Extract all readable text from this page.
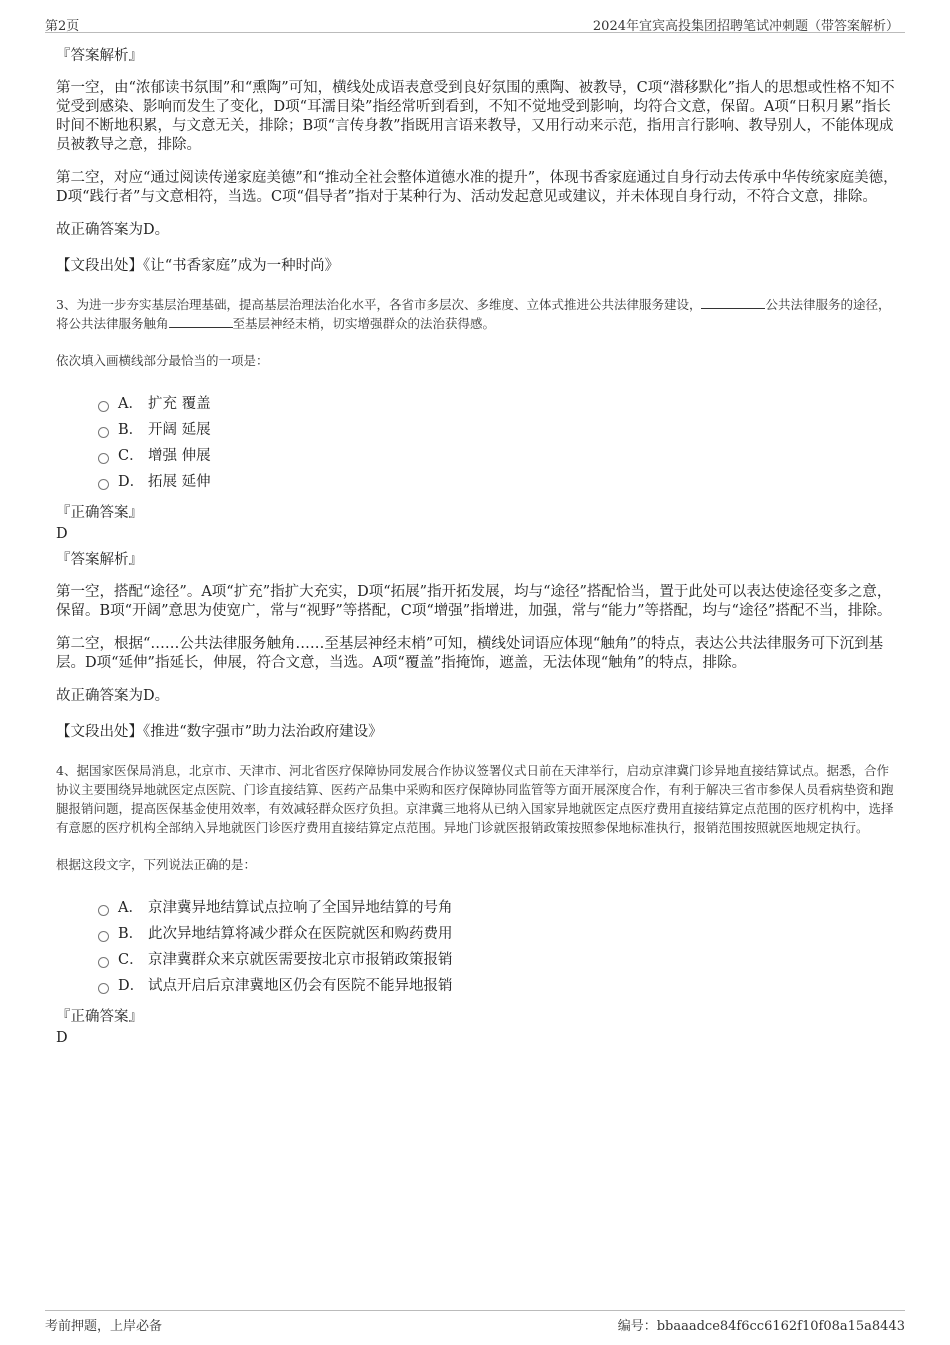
第2页	2024年宜宾高投集团招聘笔试冲刺题（带答案解析）
『答案解析』

第一空，由“浓郁读书氛围”和“熏陶”可知，横线处成语表意受到良好氛围的熏陶、被教导，C项“潜移默化”指人的思想或性格不知不觉受到感染、影响而发生了变化，D项“耳濡目染”指经常听到看到，不知不觉地受到影响，均符合文意，保留。A项“日积月累”指长时间不断地积累，与文意无关，排除；B项“言传身教”指既用言语来教导，又用行动来示范，指用言行影响、教导别人，不能体现成员被教导之意，排除。

第二空，对应“通过阅读传递家庭美德”和“推动全社会整体道德水准的提升”，体现书香家庭通过自身行动去传承中华传统家庭美德，D项“践行者”与文意相符，当选。C项“倡导者”指对于某种行为、活动发起意见或建议，并未体现自身行动，不符合文意，排除。

故正确答案为D。

【文段出处】《让“书香家庭”成为一种时尚》

3、为进一步夯实基层治理基础，提高基层治理法治化水平，各省市多层次、多维度、立体式推进公共法律服务建设，	公共法律服务的途径，将公共法律服务触角	至基层神经末梢，切实增强群众的法治获得感。

依次填入画横线部分最恰当的一项是：

A． 扩充 覆盖
B． 开阔 延展
C． 增强 伸展
D． 拓展 延伸
『正确答案』
D
『答案解析』

第一空，搭配“途径”。A项“扩充”指扩大充实，D项“拓展”指开拓发展，均与“途径”搭配恰当，置于此处可以表达使途径变多之意，保留。B项“开阔”意思为使宽广，常与“视野”等搭配，C项“增强”指增进，加强，常与“能力”等搭配，均与“途径”搭配不当，排除。

第二空，根据“……公共法律服务触角……至基层神经末梢”可知，横线处词语应体现“触角”的特点，表达公共法律服务可下沉到基层。D项“延伸”指延长，伸展，符合文意，当选。A项“覆盖”指掩饰，遮盖，无法体现“触角”的特点，排除。

故正确答案为D。

【文段出处】《推进“数字强市”助力法治政府建设》

4、据国家医保局消息，北京市、天津市、河北省医疗保障协同发展合作协议签署仪式日前在天津举行，启动京津冀门诊异地直接结算试点。据悉，合作协议主要围绕异地就医定点医院、门诊直接结算、医药产品集中采购和医疗保障协同监管等方面开展深度合作，有利于解决三省市参保人员看病垫资和跑腿报销问题，提高医保基金使用效率，有效减轻群众医疗负担。京津冀三地将从已纳入国家异地就医定点医疗费用直接结算定点范围的医疗机构中，选择有意愿的医疗机构全部纳入异地就医门诊医疗费用直接结算定点范围。异地门诊就医报销政策按照参保地标准执行，报销范围按照就医地规定执行。

根据这段文字，下列说法正确的是：

A． 京津冀异地结算试点拉响了全国异地结算的号角
B． 此次异地结算将减少群众在医院就医和购药费用
C． 京津冀群众来京就医需要按北京市报销政策报销
D． 试点开启后京津冀地区仍会有医院不能异地报销
『正确答案』
D
考前押题，上岸必备	编号：bbaaadce84f6cc6162f10f08a15a8443
